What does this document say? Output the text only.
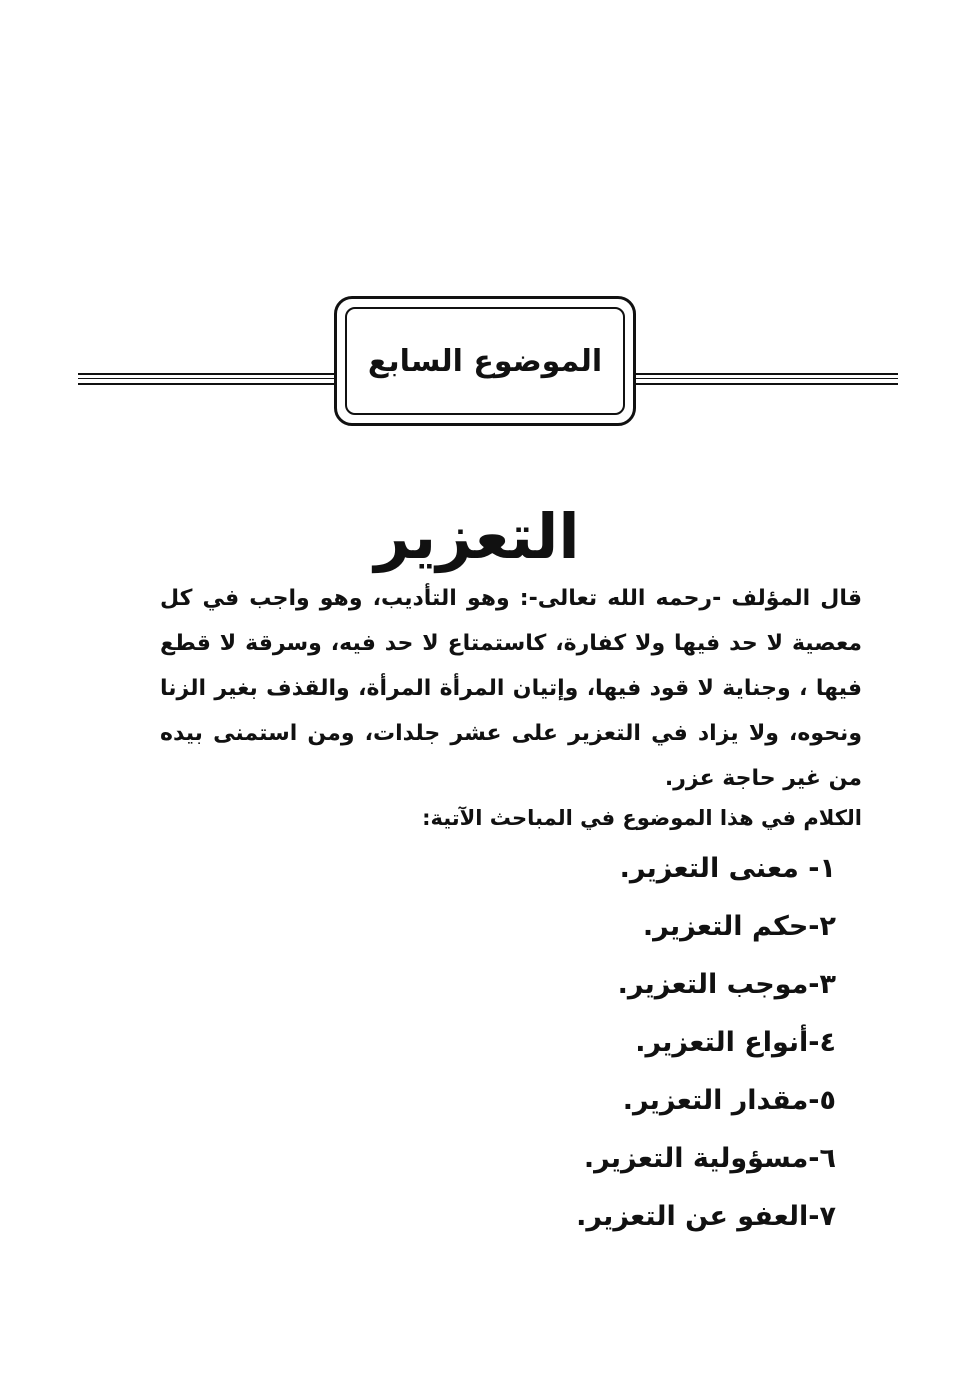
الموضوع السابع
التعزير

قال المؤلف -رحمه الله تعالى-: وهو التأديب، وهو واجب في كل معصية لا حد فيها ولا كفارة، كاستمتاع لا حد فيه، وسرقة لا قطع فيها ، وجناية لا قود فيها، وإتيان المرأة المرأة، والقذف بغير الزنا ونحوه، ولا يزاد في التعزير على عشر جلدات، ومن استمنى بيده من غير حاجة عزر.

الكلام في هذا الموضوع في المباحث الآتية:

١- معنى التعزير.
٢-حكم التعزير.
٣-موجب التعزير.
٤-أنواع التعزير.
٥-مقدار التعزير.
٦-مسؤولية التعزير.
٧-العفو عن التعزير.
